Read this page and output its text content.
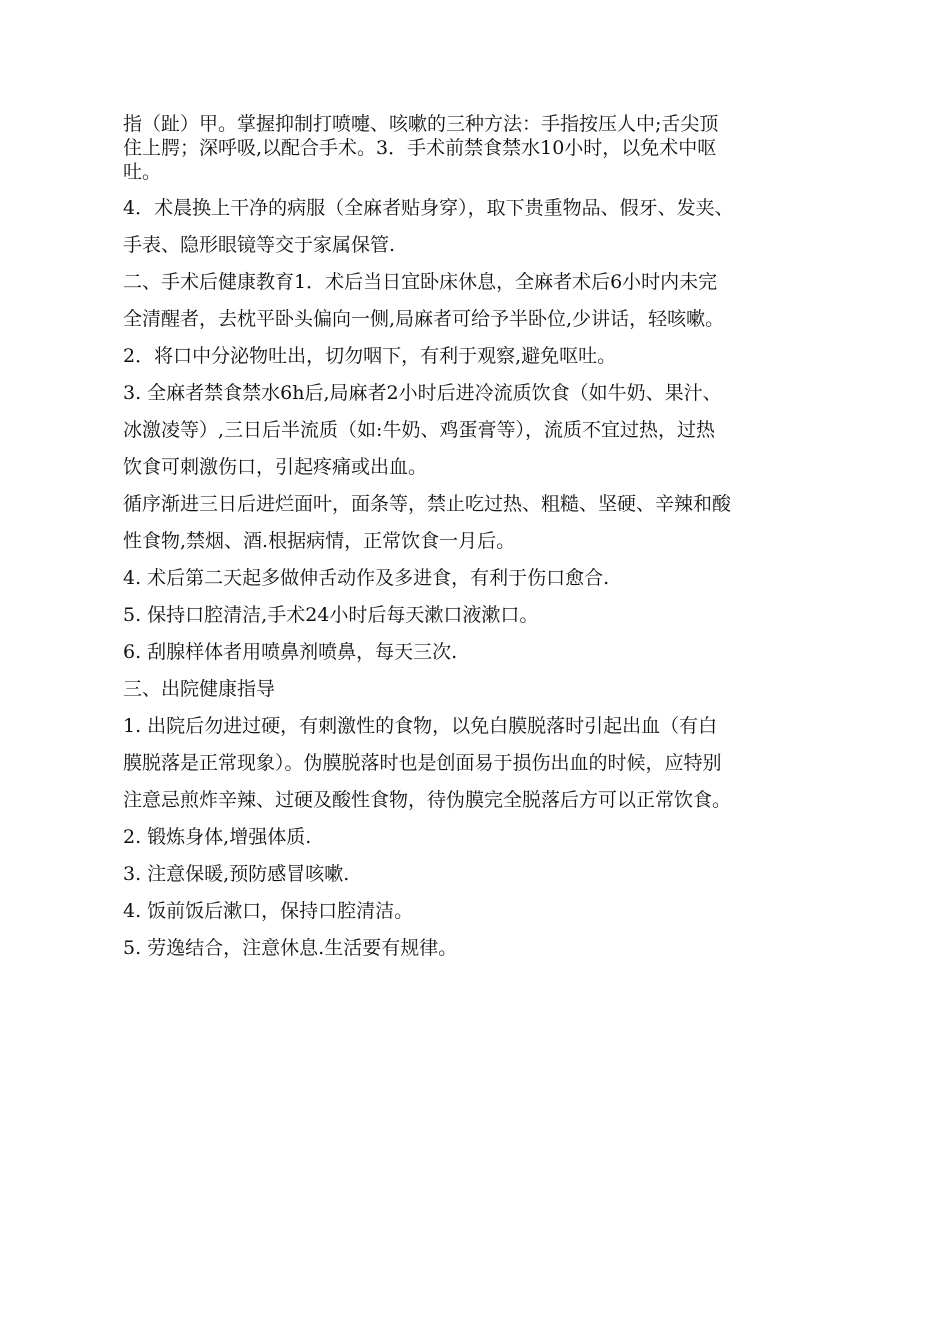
指（趾）甲。掌握抑制打喷嚏、咳嗽的三种方法：手指按压人中;舌尖顶
住上腭；深呼吸,以配合手术。3．手术前禁食禁水10小时，以免术中呕
吐。
4．术晨换上干净的病服（全麻者贴身穿），取下贵重物品、假牙、发夹、
手表、隐形眼镜等交于家属保管.
二、手术后健康教育1．术后当日宜卧床休息，全麻者术后6小时内未完
全清醒者，去枕平卧头偏向一侧,局麻者可给予半卧位,少讲话，轻咳嗽。
2．将口中分泌物吐出，切勿咽下，有利于观察,避免呕吐。
3. 全麻者禁食禁水6h后,局麻者2小时后进冷流质饮食（如牛奶、果汁、
冰激凌等）,三日后半流质（如:牛奶、鸡蛋膏等），流质不宜过热，过热
饮食可刺激伤口，引起疼痛或出血。
循序渐进三日后进烂面叶，面条等，禁止吃过热、粗糙、坚硬、辛辣和酸
性食物,禁烟、酒.根据病情，正常饮食一月后。
4. 术后第二天起多做伸舌动作及多进食，有利于伤口愈合.
5. 保持口腔清洁,手术24小时后每天漱口液漱口。
6. 刮腺样体者用喷鼻剂喷鼻，每天三次.
三、出院健康指导
1. 出院后勿进过硬，有刺激性的食物，以免白膜脱落时引起出血（有白
膜脱落是正常现象）。伪膜脱落时也是创面易于损伤出血的时候，应特别
注意忌煎炸辛辣、过硬及酸性食物，待伪膜完全脱落后方可以正常饮食。
2. 锻炼身体,增强体质.
3. 注意保暖,预防感冒咳嗽.
4. 饭前饭后漱口，保持口腔清洁。
5. 劳逸结合，注意休息.生活要有规律。
